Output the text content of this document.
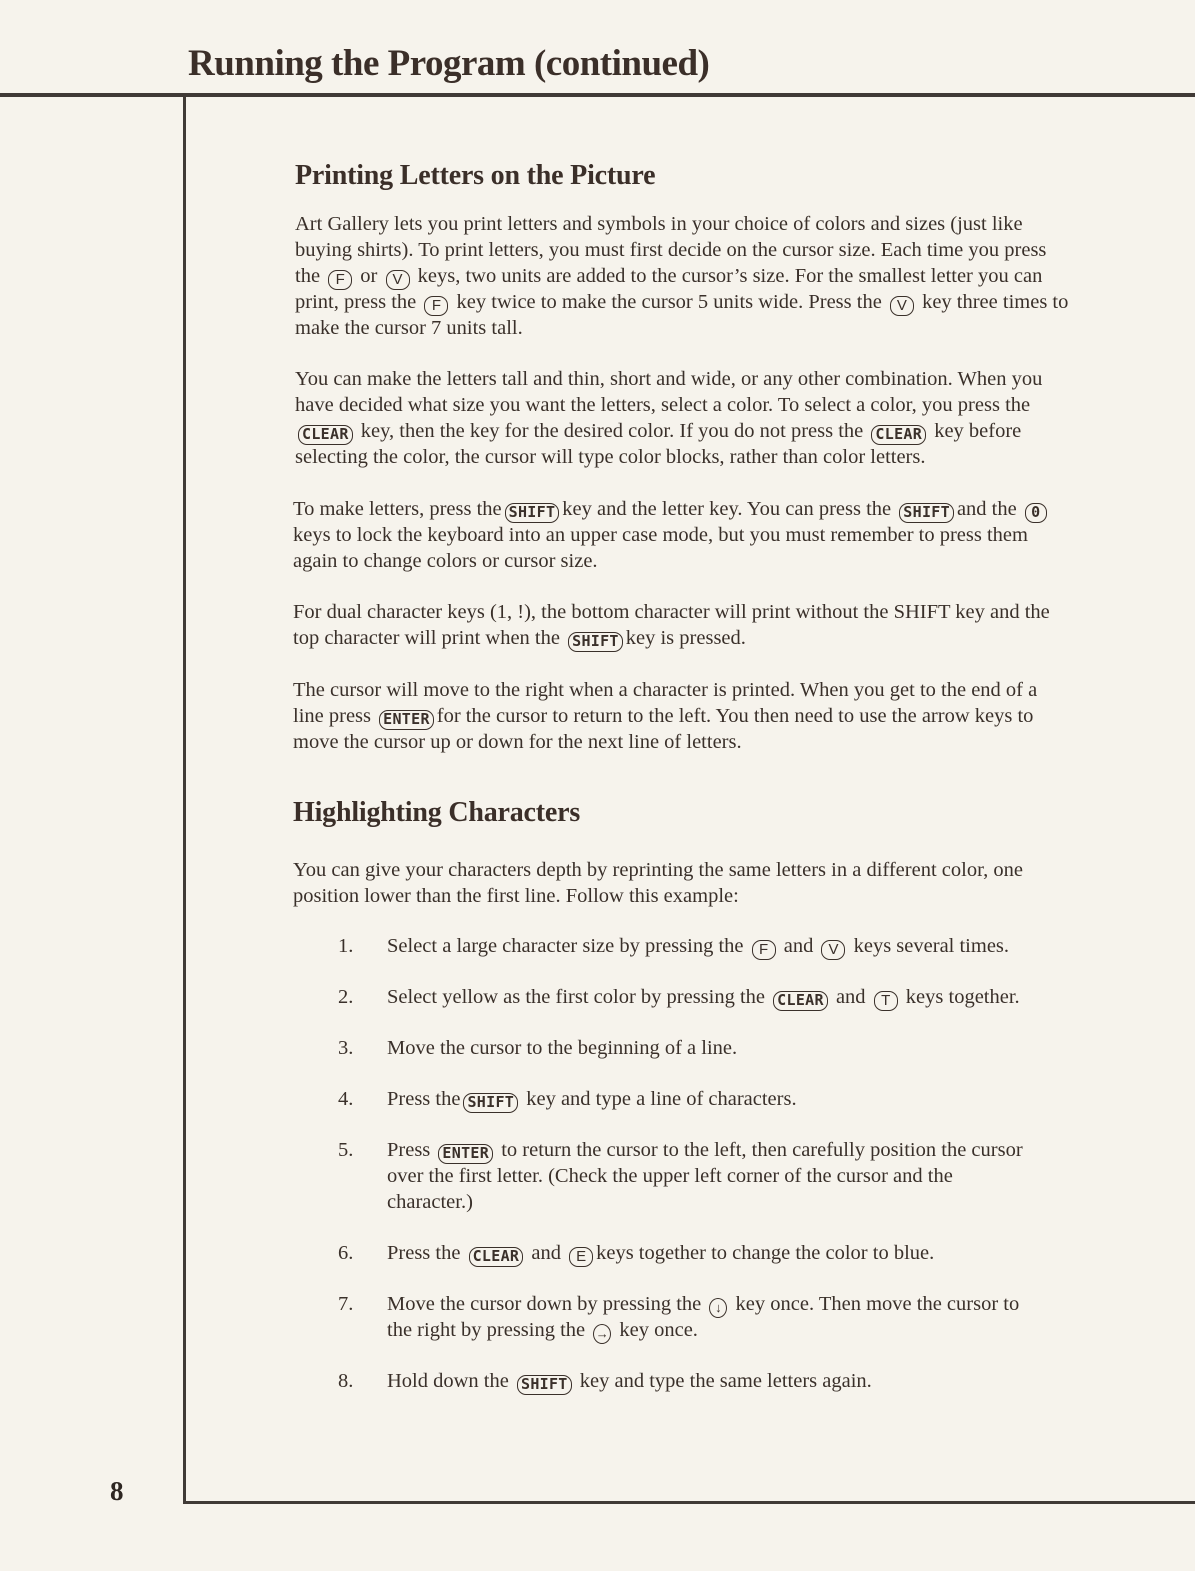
Running the Program (continued)
8
Printing Letters on the Picture

Art Gallery lets you print letters and symbols in your choice of colors and sizes (just like buying shirts). To print letters, you must first decide on the cursor size. Each time you press the F or V keys, two units are added to the cursor’s size. For the smallest letter you can print, press the F key twice to make the cursor 5 units wide. Press the V key three times to make the cursor 7 units tall.

You can make the letters tall and thin, short and wide, or any other combination. When you have decided what size you want the letters, select a color. To select a color, you press the CLEAR key, then the key for the desired color. If you do not press the CLEAR key before selecting the color, the cursor will type color blocks, rather than color letters.

To make letters, press the SHIFT key and the letter key. You can press the SHIFT and the 0 keys to lock the keyboard into an upper case mode, but you must remember to press them again to change colors or cursor size.

For dual character keys (1, !), the bottom character will print without the SHIFT key and the top character will print when the SHIFT key is pressed.

The cursor will move to the right when a character is printed. When you get to the end of a line press ENTER for the cursor to return to the left. You then need to use the arrow keys to move the cursor up or down for the next line of letters.

Highlighting Characters

You can give your characters depth by reprinting the same letters in a different color, one position lower than the first line. Follow this example:

1.	Select a large character size by pressing the F and V keys several times.
2.	Select yellow as the first color by pressing the CLEAR and T keys together.
3.	Move the cursor to the beginning of a line.
4.	Press the SHIFT key and type a line of characters.
5.	Press ENTER to return the cursor to the left, then carefully position the cursor over the first letter. (Check the upper left corner of the cursor and the character.)
6.	Press the CLEAR and E keys together to change the color to blue.
7.	Move the cursor down by pressing the ↓ key once. Then move the cursor to the right by pressing the → key once.
8.	Hold down the SHIFT key and type the same letters again.
